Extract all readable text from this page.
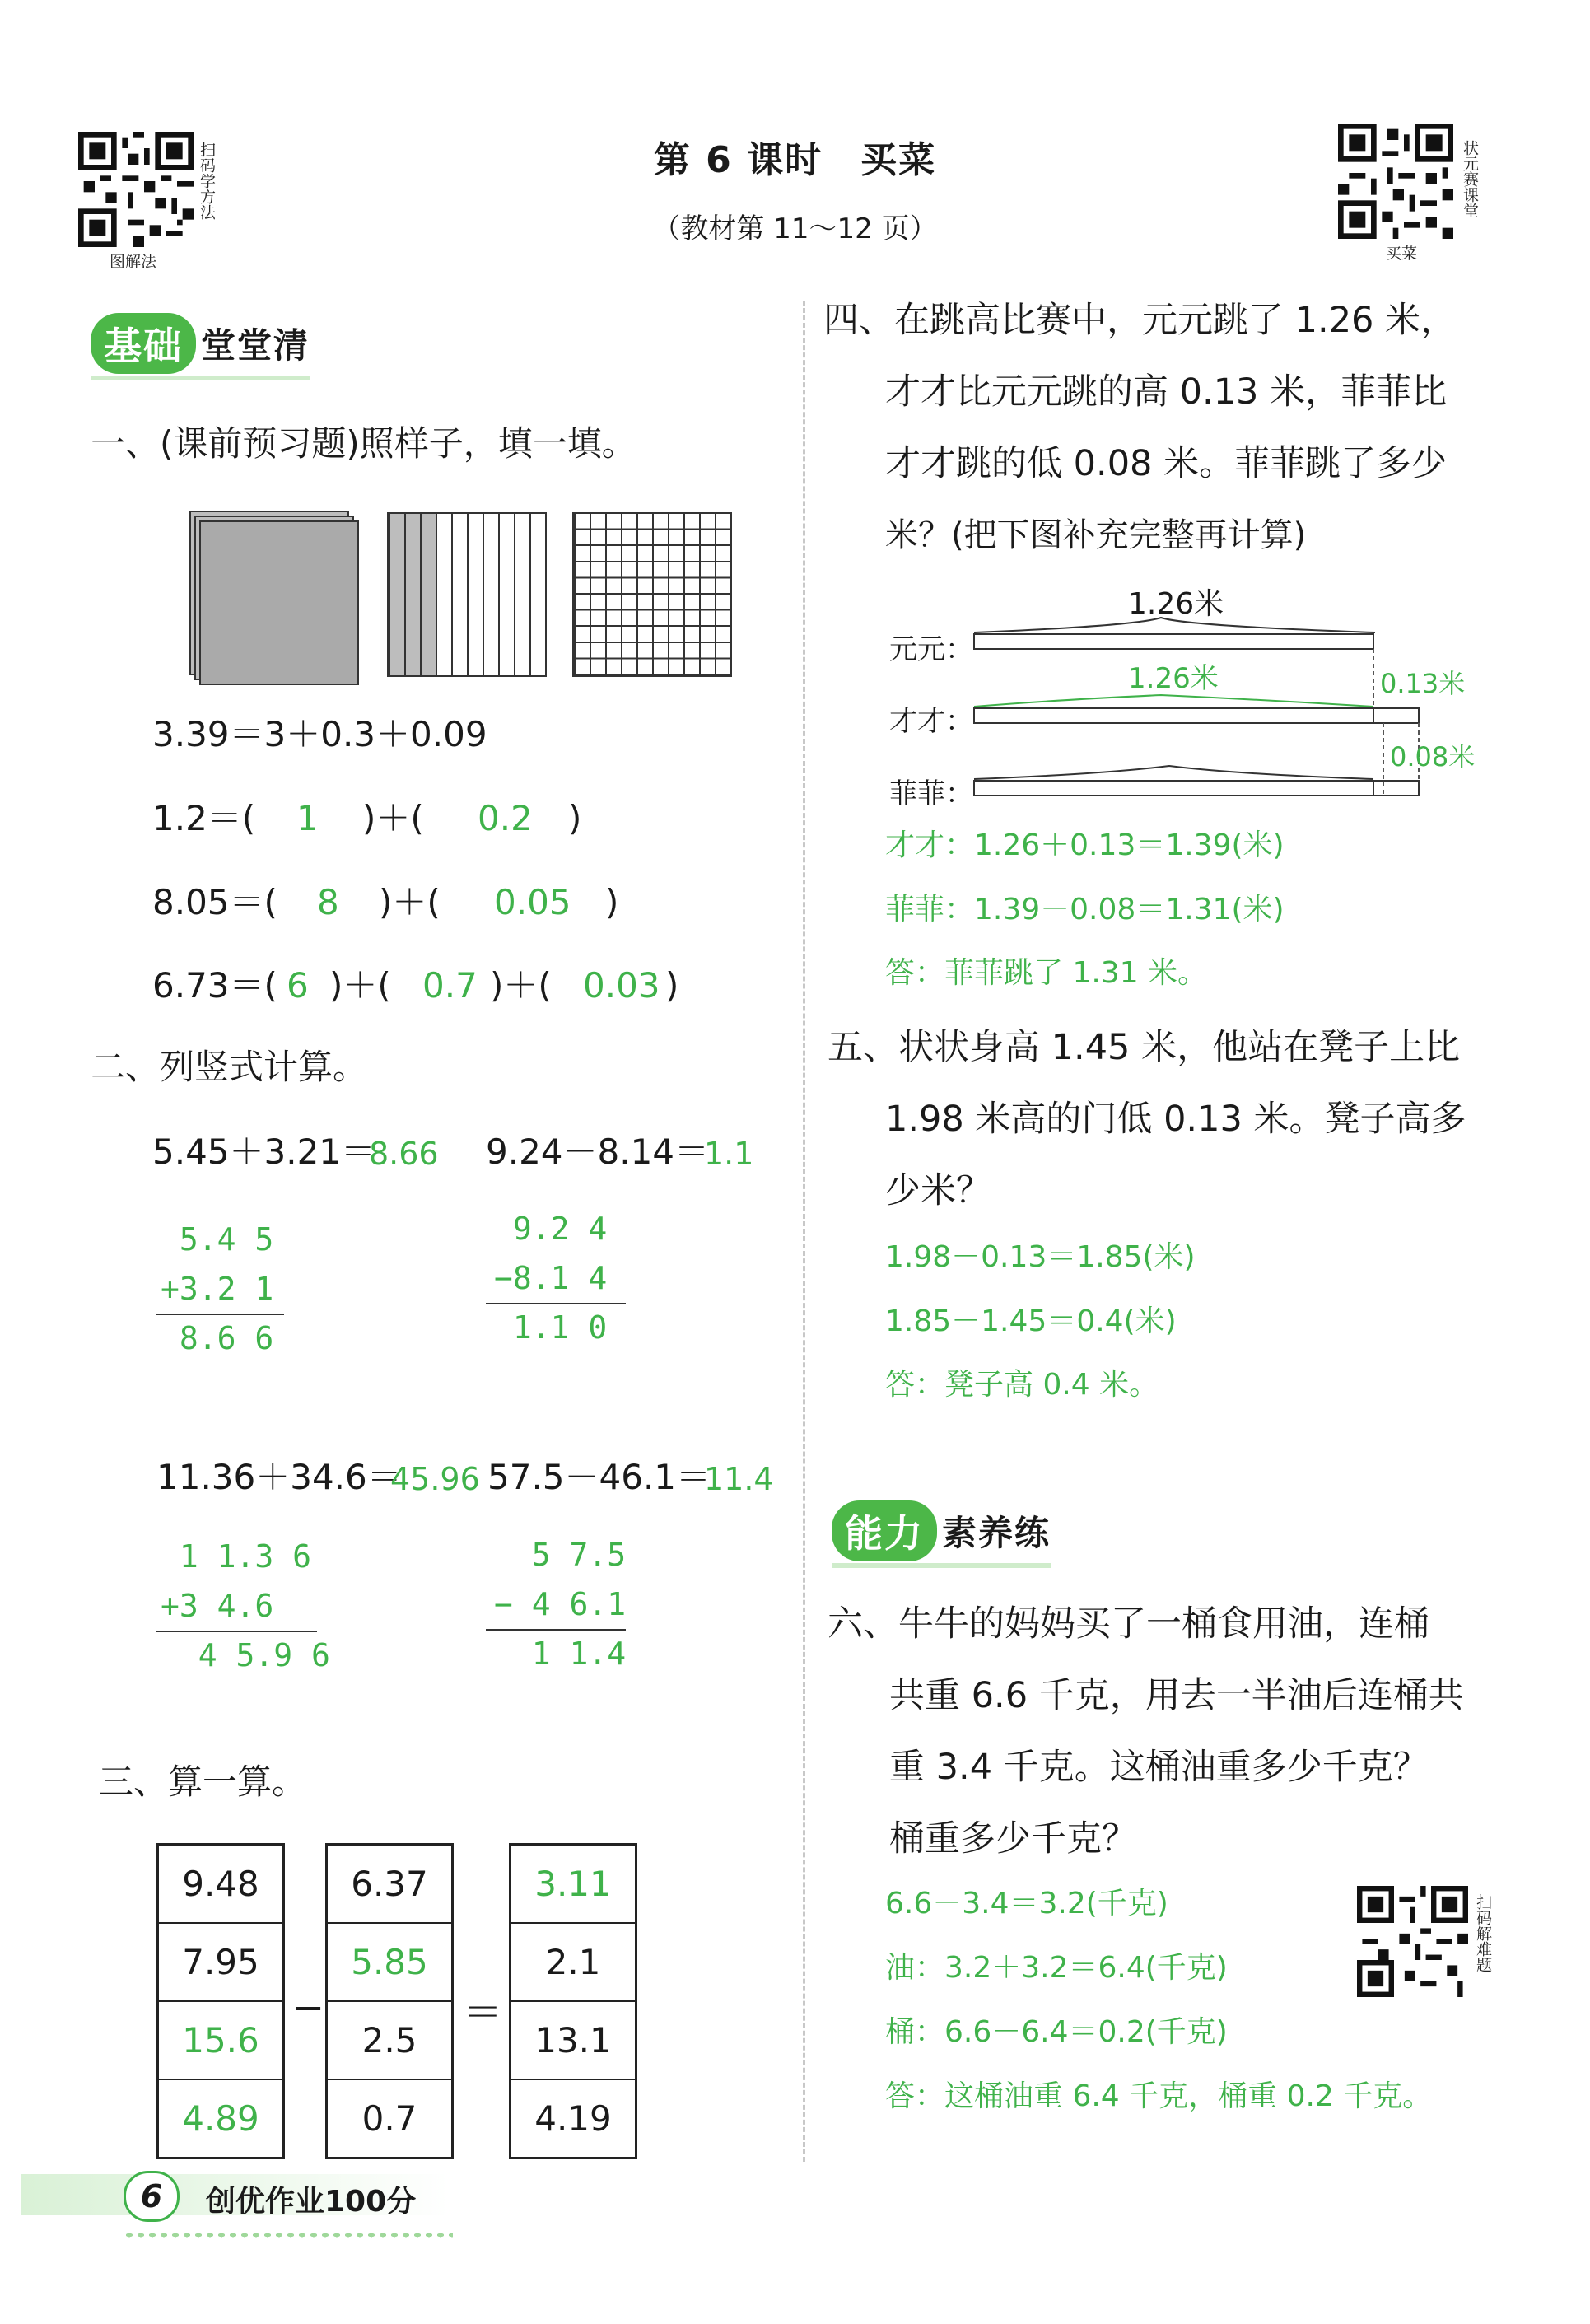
扫码学方法
图解法
状元赛课堂
买菜
第 6 课时　买菜
（教材第 11～12 页）
基础 堂堂清
一、(课前预习题)照样子，填一填。
3.39＝3＋0.3＋0.09
1.2＝( 1 )＋( 0.2 )
8.05＝( 8 )＋( 0.05 )
6.73＝( 6 )＋( 0.7 )＋( 0.03 )
二、列竖式计算。
5.45＋3.21＝
8.66 9.24－8.14＝
1.1
5.4 5
+3.2 1
8.6 6
9.2 4
−8.1 4
1.1 0
11.36＋34.6＝
45.96 57.5－46.1＝
11.4
1 1.3 6
+3 4.6
4 5.9 6
5 7.5
− 4 6.1
1 1.4
三、算一算。
9.48
7.95
15.6
4.89
−
6.37
5.85
2.5
0.7
＝
3.11
2.1
13.1
4.19
四、在跳高比赛中，元元跳了 1.26 米，
才才比元元跳的高 0.13 米，菲菲比
才才跳的低 0.08 米。菲菲跳了多少
米？(把下图补充完整再计算)
1.26米
元元：
才才：
菲菲：
1.26米	0.13米
0.08米
才才：1.26＋0.13＝1.39(米)
菲菲：1.39－0.08＝1.31(米)
答：菲菲跳了 1.31 米。
五、状状身高 1.45 米，他站在凳子上比
1.98 米高的门低 0.13 米。凳子高多
少米？
1.98－0.13＝1.85(米)
1.85－1.45＝0.4(米)
答：凳子高 0.4 米。
能力 素养练
六、牛牛的妈妈买了一桶食用油，连桶
共重 6.6 千克，用去一半油后连桶共
重 3.4 千克。这桶油重多少千克？
桶重多少千克？
6.6－3.4＝3.2(千克)
油：3.2＋3.2＝6.4(千克)
桶：6.6－6.4＝0.2(千克)
答：这桶油重 6.4 千克，桶重 0.2 千克。
扫码解难题
6	创优作业100分
